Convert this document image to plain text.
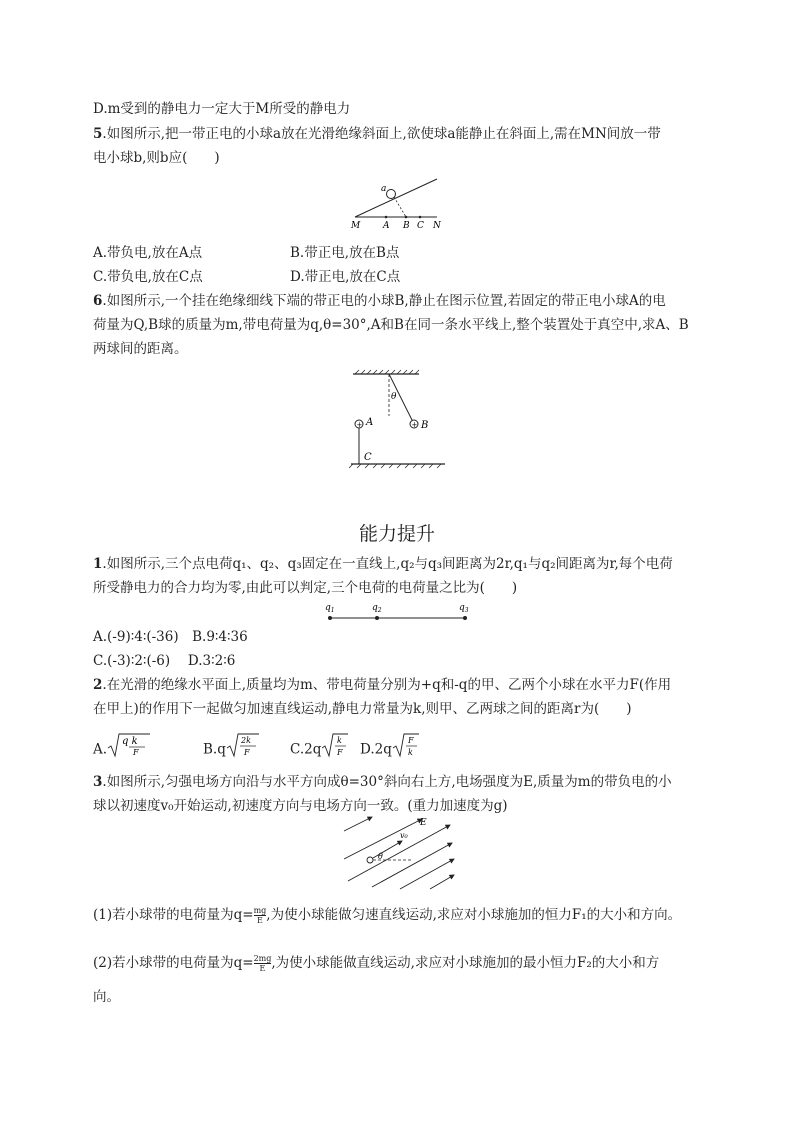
D.m受到的静电力一定大于M所受的静电力
5.如图所示,把一带正电的小球a放在光滑绝缘斜面上,欲使球a能静止在斜面上,需在MN间放一带
电小球b,则b应(　　)
a
M	A B C N
A.带负电,放在A点	B.带正电,放在B点
C.带负电,放在C点	D.带正电,放在C点
6.如图所示,一个挂在绝缘细线下端的带正电的小球B,静止在图示位置,若固定的带正电小球A的电
荷量为Q,B球的质量为m,带电荷量为q,θ=30°,A和B在同一条水平线上,整个装置处于真空中,求A、B
两球间的距离。
θ
+ B
+ A
C
能力提升
1.如图所示,三个点电荷q₁、q₂、q₃固定在一直线上,q₂与q₃间距离为2r,q₁与q₂间距离为r,每个电荷
所受静电力的合力均为零,由此可以判定,三个电荷的电荷量之比为(　　)
$q_1$	$q_2$	$q_3$
A.(-9)∶4∶(-36)　B.9∶4∶36
C.(-3)∶2∶(-6)　 D.3∶2∶6
2.在光滑的绝缘水平面上,质量均为m、带电荷量分别为+q和-q的甲、乙两个小球在水平力F(作用
在甲上)的作用下一起做匀加速直线运动,静电力常量为k,则甲、乙两球之间的距离r为(　　)
A. q k
F	B.q
2k
F	C.2q
k
F D.2q
F
k
3.如图所示,匀强电场方向沿与水平方向成θ=30°斜向右上方,电场强度为E,质量为m的带负电的小
球以初速度v₀开始运动,初速度方向与电场方向一致。(重力加速度为g)
E
v₀
θ
(1)若小球带的电荷量为$q= \frac{mg}{E}$ ,为使小球能做匀速直线运动,求应对小球施加的恒力F₁的大小和方向。
(2)若小球带的电荷量为$q= \frac{2mg}{E}$ ,为使小球能做直线运动,求应对小球施加的最小恒力F₂的大小和方
向。
